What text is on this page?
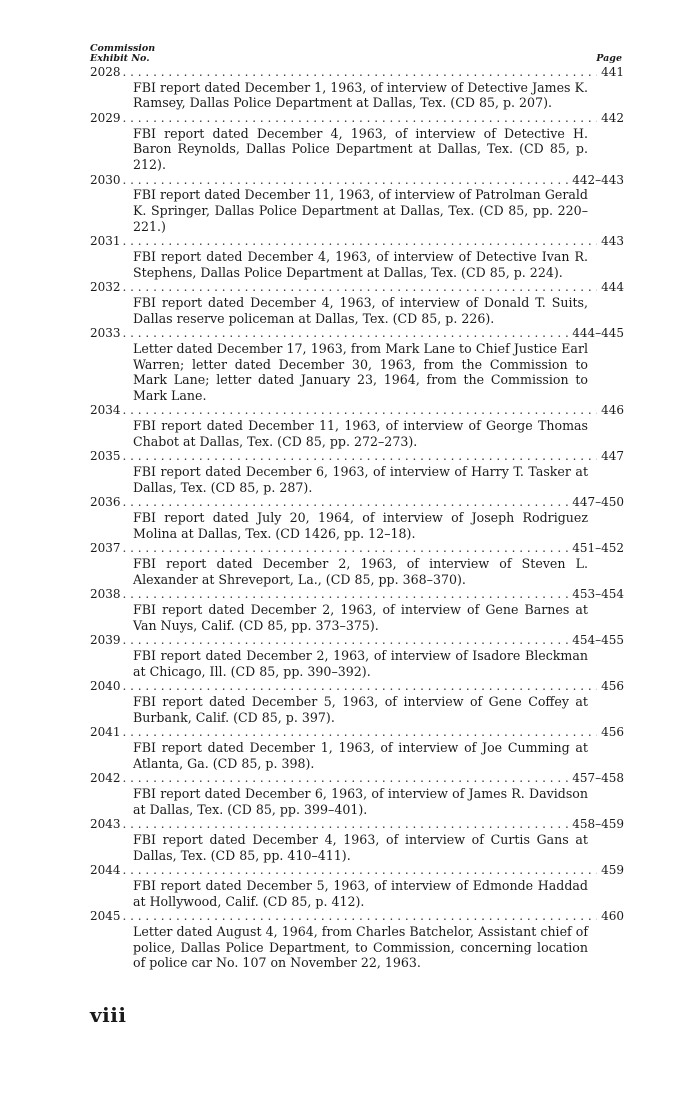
Commission
Exhibit No.	Page
2028 . . .	441
FBI report dated December 1, 1963, of interview of Detective James K. Ramsey, Dallas Police Department at Dallas, Tex. (CD 85, p. 207).
2029 . . .	442
FBI report dated December 4, 1963, of interview of Detective H. Baron Reynolds, Dallas Police Department at Dallas, Tex. (CD 85, p. 212).
2030 . . .	442–443
FBI report dated December 11, 1963, of interview of Patrolman Gerald K. Springer, Dallas Police Department at Dallas, Tex. (CD 85, pp. 220–221.)
2031 . . .	443
FBI report dated December 4, 1963, of interview of Detective Ivan R. Stephens, Dallas Police Department at Dallas, Tex. (CD 85, p. 224).
2032 . . .	444
FBI report dated December 4, 1963, of interview of Donald T. Suits, Dallas reserve policeman at Dallas, Tex. (CD 85, p. 226).
2033 . . .	444–445
Letter dated December 17, 1963, from Mark Lane to Chief Justice Earl Warren; letter dated December 30, 1963, from the Commission to Mark Lane; letter dated January 23, 1964, from the Commission to Mark Lane.
2034 . . .	446
FBI report dated December 11, 1963, of interview of George Thomas Chabot at Dallas, Tex. (CD 85, pp. 272–273).
2035 . . .	447
FBI report dated December 6, 1963, of interview of Harry T. Tasker at Dallas, Tex. (CD 85, p. 287).
2036 . . .	447–450
FBI report dated July 20, 1964, of interview of Joseph Rodriguez Molina at Dallas, Tex. (CD 1426, pp. 12–18).
2037 . . .	451–452
FBI report dated December 2, 1963, of interview of Steven L. Alexander at Shreveport, La., (CD 85, pp. 368–370).
2038 . . .	453–454
FBI report dated December 2, 1963, of interview of Gene Barnes at Van Nuys, Calif. (CD 85, pp. 373–375).
2039 . . .	454–455
FBI report dated December 2, 1963, of interview of Isadore Bleckman at Chicago, Ill. (CD 85, pp. 390–392).
2040 . . .	456
FBI report dated December 5, 1963, of interview of Gene Coffey at Burbank, Calif. (CD 85, p. 397).
2041 . . .	456
FBI report dated December 1, 1963, of interview of Joe Cumming at Atlanta, Ga. (CD 85, p. 398).
2042 . . .	457–458
FBI report dated December 6, 1963, of interview of James R. Davidson at Dallas, Tex. (CD 85, pp. 399–401).
2043 . . .	458–459
FBI report dated December 4, 1963, of interview of Curtis Gans at Dallas, Tex. (CD 85, pp. 410–411).
2044 . . .	459
FBI report dated December 5, 1963, of interview of Edmonde Haddad at Hollywood, Calif. (CD 85, p. 412).
2045 . . .	460
Letter dated August 4, 1964, from Charles Batchelor, Assistant chief of police, Dallas Police Department, to Commission, concerning location of police car No. 107 on November 22, 1963.
viii
